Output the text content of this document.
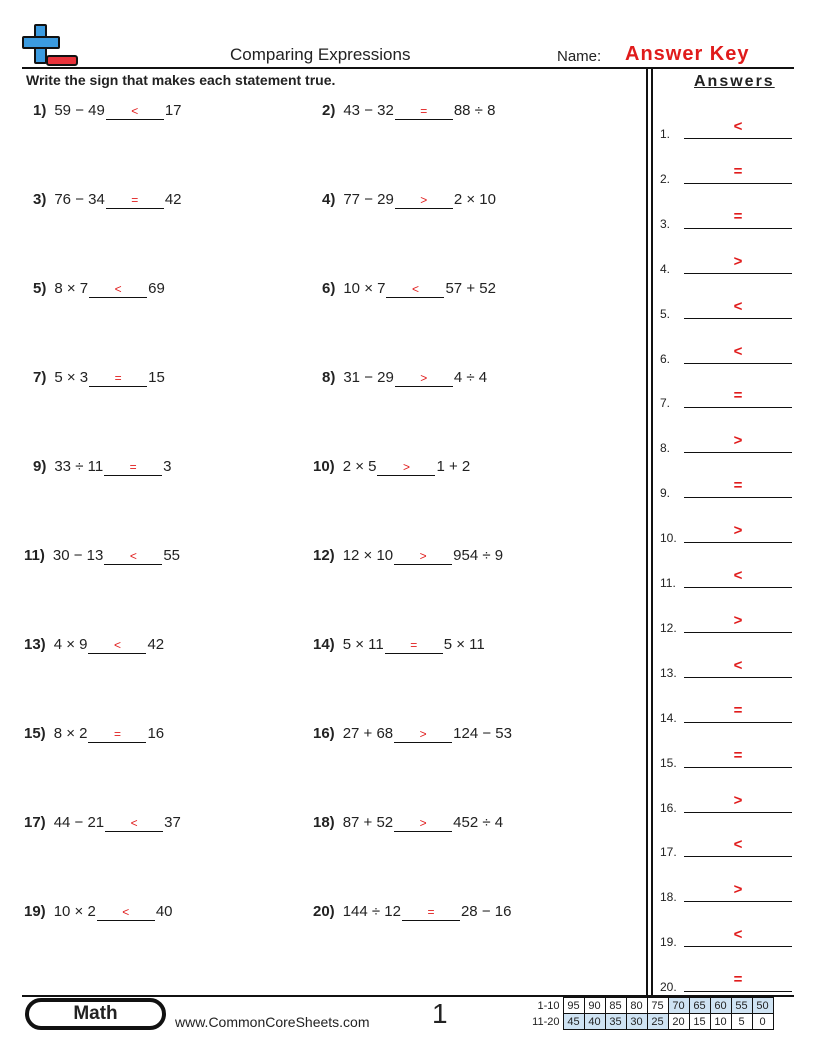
Comparing Expressions	Name: Answer Key
Write the sign that makes each statement true.
1) 59 − 49 < 17	2) 43 − 32 = 88 ÷ 8
3) 76 − 34 = 42	4) 77 − 29 > 2 × 10
5) 8 × 7 < 69	6) 10 × 7 < 57 + 52
7) 5 × 3 = 15	8) 31 − 29 > 4 ÷ 4
9) 33 ÷ 11 = 3	10) 2 × 5 > 1 + 2
11) 30 − 13 < 55	12) 12 × 10 > 954 ÷ 9
13) 4 × 9 < 42	14) 5 × 11 = 5 × 11
15) 8 × 2 = 16	16) 27 + 68 > 124 − 53
17) 44 − 21 < 37	18) 87 + 52 > 452 ÷ 4
19) 10 × 2 < 40	20) 144 ÷ 12 = 28 − 16
Answers
1.	<
2.	=
3.	=
4.	>
5.	<
6.	<
7.	=
8.	>
9.	=
10.	>
11.	<
12.	>
13.	<
14.	=
15.	=
16.	>
17.	<
18.	>
19.	<
20.	=
Math	www.CommonCoreSheets.com 1	1-10	95	90	85	80	75	70	65	60	55	50
11-20	45	40	35	30	25	20	15	10	5	0
